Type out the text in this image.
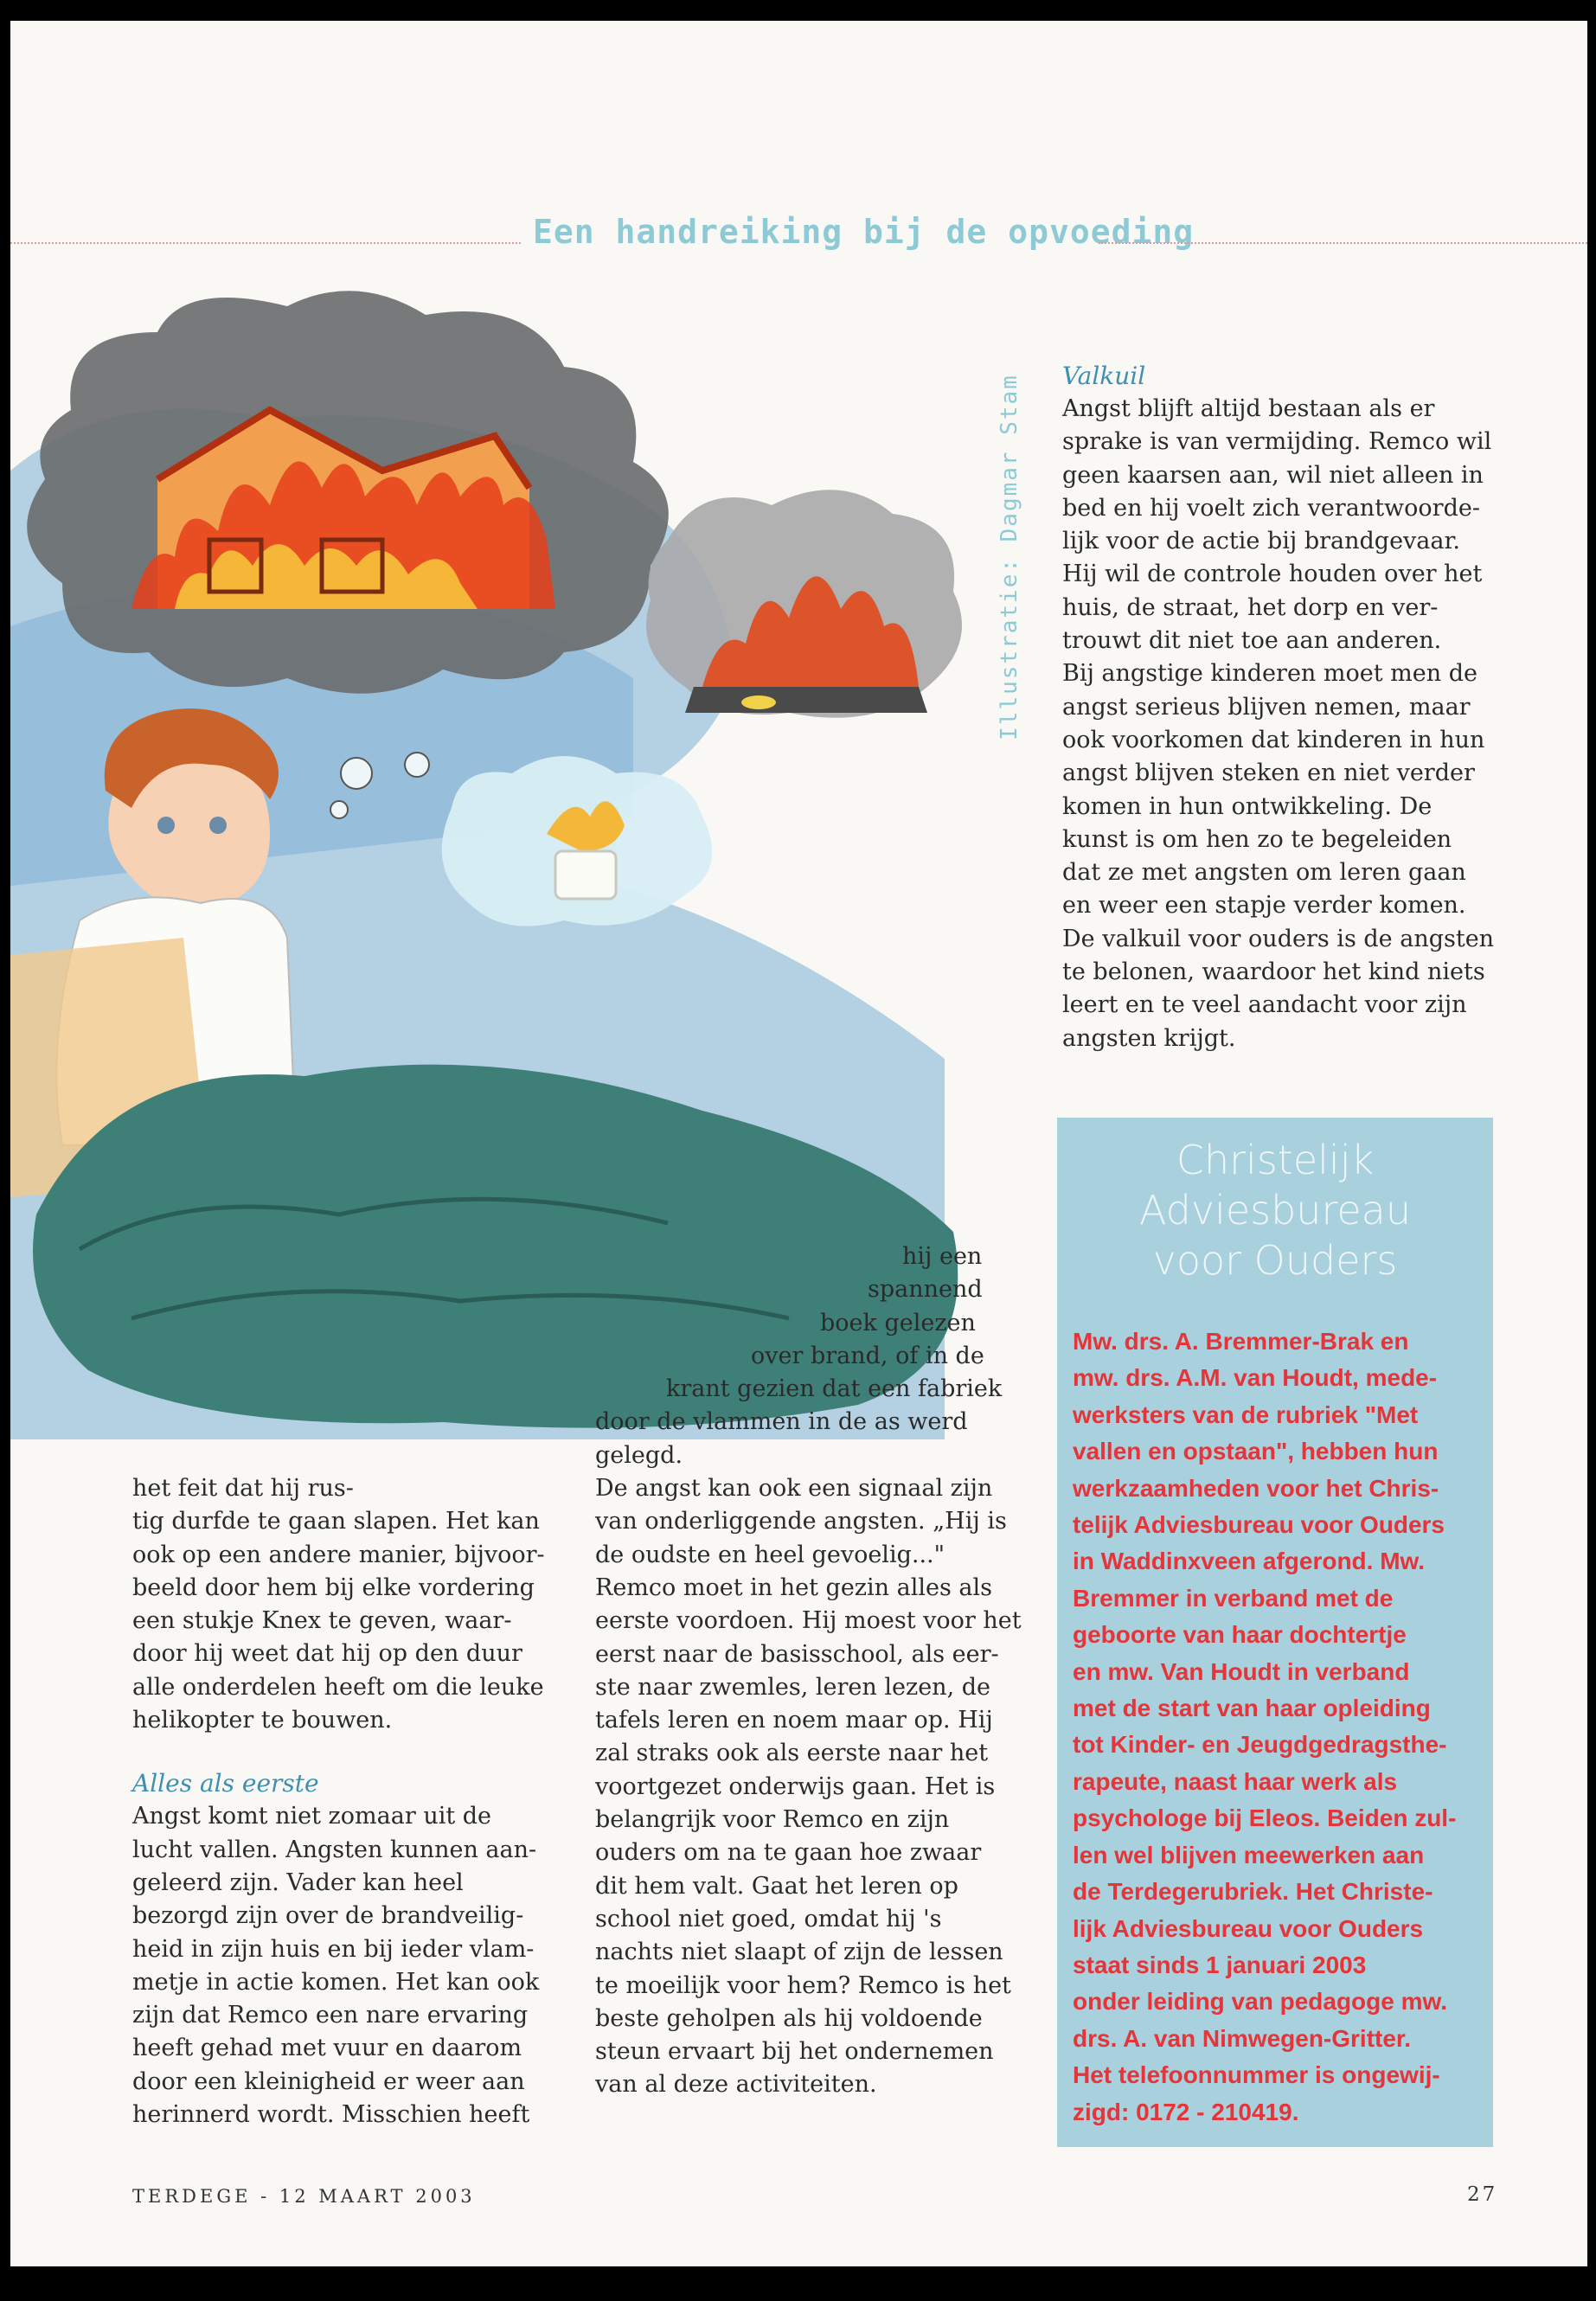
Een handreiking bij de opvoeding
Illustratie: Dagmar Stam Valkuil

Angst blijft altijd bestaan als er
sprake is van vermijding. Remco wil
geen kaarsen aan, wil niet alleen in
bed en hij voelt zich verantwoorde-
lijk voor de actie bij brandgevaar.
Hij wil de controle houden over het
huis, de straat, het dorp en ver-
trouwt dit niet toe aan anderen.
Bij angstige kinderen moet men de
angst serieus blijven nemen, maar
ook voorkomen dat kinderen in hun
angst blijven steken en niet verder
komen in hun ontwikkeling. De
kunst is om hen zo te begeleiden
dat ze met angsten om leren gaan
en weer een stapje verder komen.
De valkuil voor ouders is de angsten
te belonen, waardoor het kind niets
leert en te veel aandacht voor zijn
angsten krijgt.

het feit dat hij rus-
tig durfde te gaan slapen. Het kan
ook op een andere manier, bijvoor-
beeld door hem bij elke vordering
een stukje Knex te geven, waar-
door hij weet dat hij op den duur
alle onderdelen heeft om die leuke
helikopter te bouwen.

Alles als eerste

Angst komt niet zomaar uit de
lucht vallen. Angsten kunnen aan-
geleerd zijn. Vader kan heel
bezorgd zijn over de brandveilig-
heid in zijn huis en bij ieder vlam-
metje in actie komen. Het kan ook
zijn dat Remco een nare ervaring
heeft gehad met vuur en daarom
door een kleinigheid er weer aan
herinnerd wordt. Misschien heeft

hij een
spannend
boek gelezen
over brand, of in de
krant gezien dat een fabriek

door de vlammen in de as werd
gelegd.
De angst kan ook een signaal zijn
van onderliggende angsten. „Hij is
de oudste en heel gevoelig..."
Remco moet in het gezin alles als
eerste voordoen. Hij moest voor het
eerst naar de basisschool, als eer-
ste naar zwemles, leren lezen, de
tafels leren en noem maar op. Hij
zal straks ook als eerste naar het
voortgezet onderwijs gaan. Het is
belangrijk voor Remco en zijn
ouders om na te gaan hoe zwaar
dit hem valt. Gaat het leren op
school niet goed, omdat hij 's
nachts niet slaapt of zijn de lessen
te moeilijk voor hem? Remco is het
beste geholpen als hij voldoende
steun ervaart bij het ondernemen
van al deze activiteiten.

Christelijk
Adviesbureau
voor Ouders

Mw. drs. A. Bremmer-Brak en
mw. drs. A.M. van Houdt, mede-
werksters van de rubriek "Met
vallen en opstaan", hebben hun
werkzaamheden voor het Chris-
telijk Adviesbureau voor Ouders
in Waddinxveen afgerond. Mw.
Bremmer in verband met de
geboorte van haar dochtertje
en mw. Van Houdt in verband
met de start van haar opleiding
tot Kinder- en Jeugdgedragsthe-
rapeute, naast haar werk als
psychologe bij Eleos. Beiden zul-
len wel blijven meewerken aan
de Terdegerubriek. Het Christe-
lijk Adviesbureau voor Ouders
staat sinds 1 januari 2003
onder leiding van pedagoge mw.
drs. A. van Nimwegen-Gritter.
Het telefoonnummer is ongewij-
zigd: 0172 - 210419.

TERDEGE - 12 MAART 2003	27
